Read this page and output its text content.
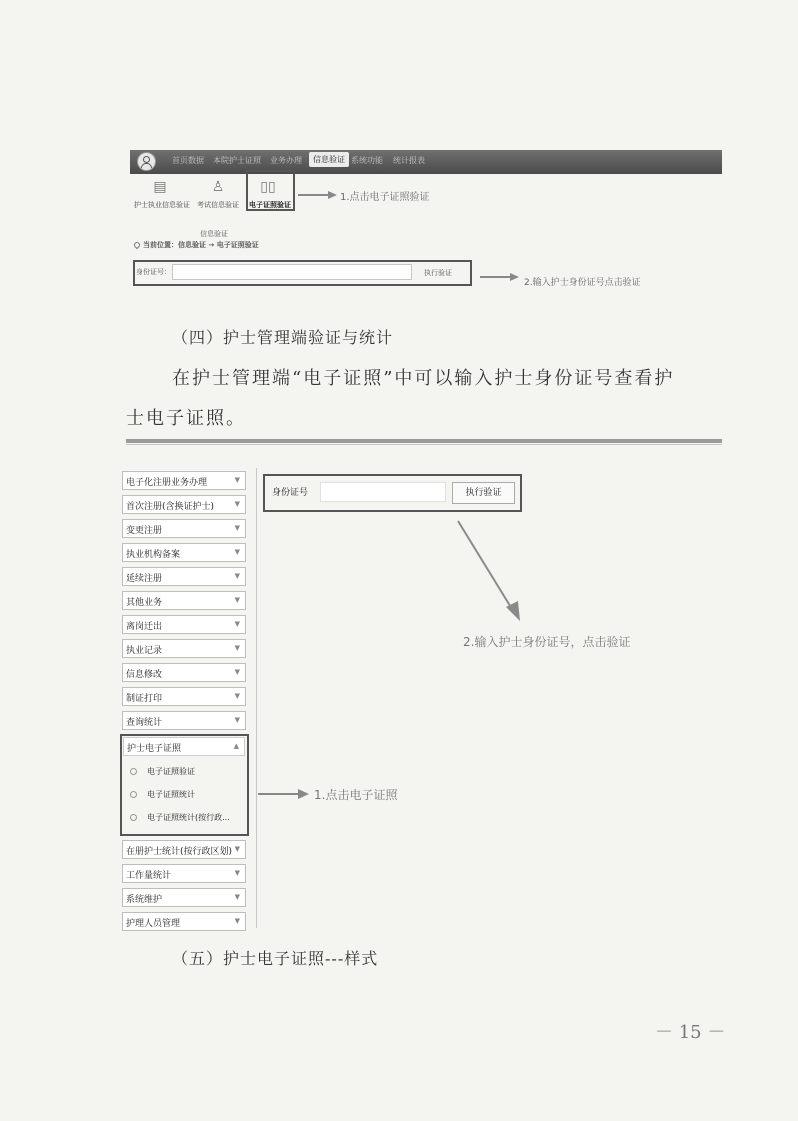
首页数据 本院护士证照 业务办理	信息验证 系统功能 统计报表
▤	♙	▯▯
护士执业信息验证 考试信息验证 电子证照验证
1.点击电子证照验证
信息验证
当前位置： 信息验证 → 电子证照验证
身份证号：	执行验证
2.输入护士身份证号点击验证
（四）护士管理端验证与统计
在护士管理端“电子证照”中可以输入护士身份证号查看护
士电子证照。
电子化注册业务办理	▼
首次注册(含换证护士)	▼
变更注册	▼
执业机构备案	▼
延续注册	▼
其他业务	▼
离岗迁出	▼
执业记录	▼
信息修改	▼
制证打印	▼
查询统计	▼
护士电子证照	▲
电子证照验证
电子证照统计
电子证照统计(按行政...
在册护士统计(按行政区划) ▼
工作量统计	▼
系统维护	▼
护理人员管理	▼
身份证号	执行验证
2.输入护士身份证号，点击验证
1.点击电子证照
（五）护士电子证照---样式
－ 15 －
